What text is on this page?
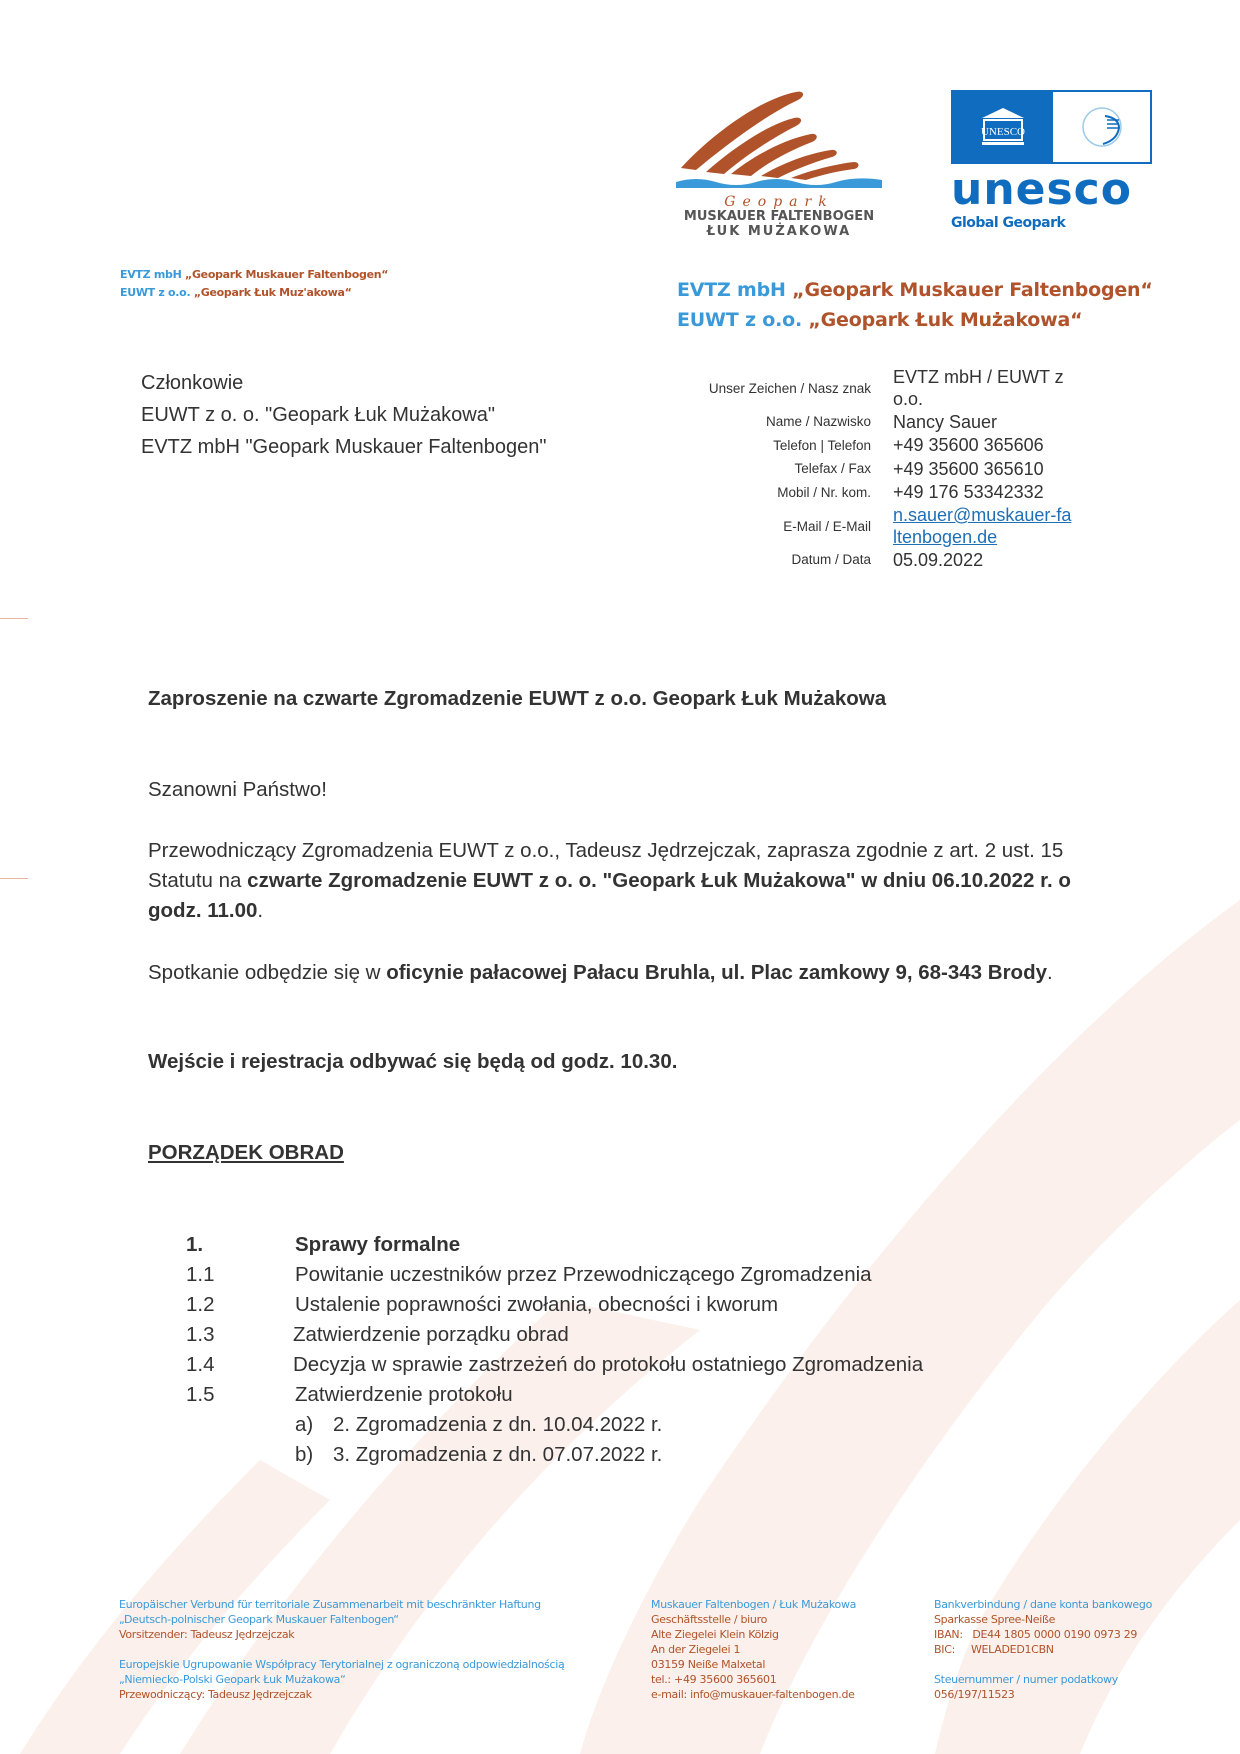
Geopark
MUSKAUER FALTENBOGEN
ŁUK MUŻAKOWA
UNESCO
unesco
Global Geopark
EVTZ mbH „Geopark Muskauer Faltenbogen“
EUWT z o.o. „Geopark Łuk Muz'akowa“	EVTZ mbH „Geopark Muskauer Faltenbogen“
EUWT z o.o. „Geopark Łuk Mużakowa“
Członkowie
EUWT z o. o. "Geopark Łuk Mużakowa"
EVTZ mbH "Geopark Muskauer Faltenbogen"
Unser Zeichen / Nasz znak	EVTZ mbH / EUWT z o.o.
Name / Nazwisko	Nancy Sauer
Telefon | Telefon	+49 35600 365606
Telefax / Fax	+49 35600 365610
Mobil / Nr. kom.	+49 176 53342332
E-Mail / E-Mail	n.sauer@muskauer-faltenbogen.de
Datum / Data	05.09.2022
Zaproszenie na czwarte Zgromadzenie EUWT z o.o. Geopark Łuk Mużakowa
Szanowni Państwo!
Przewodniczący Zgromadzenia EUWT z o.o., Tadeusz Jędrzejczak, zaprasza zgodnie z art. 2 ust. 15 Statutu na czwarte Zgromadzenie EUWT z o. o. "Geopark Łuk Mużakowa" w dniu 06.10.2022 r. o godz. 11.00.
Spotkanie odbędzie się w oficynie pałacowej Pałacu Bruhla, ul. Plac zamkowy 9, 68-343 Brody.
Wejście i rejestracja odbywać się będą od godz. 10.30.
PORZĄDEK OBRAD
1.	Sprawy formalne
1.1	Powitanie uczestników przez Przewodniczącego Zgromadzenia
1.2	Ustalenie poprawności zwołania, obecności i kworum
1.3	Zatwierdzenie porządku obrad
1.4	Decyzja w sprawie zastrzeżeń do protokołu ostatniego Zgromadzenia
1.5	Zatwierdzenie protokołu
a) 2. Zgromadzenia z dn. 10.04.2022 r.
b) 3. Zgromadzenia z dn. 07.07.2022 r.
Europäischer Verbund für territoriale Zusammenarbeit mit beschränkter Haftung
„Deutsch-polnischer Geopark Muskauer Faltenbogen“
Vorsitzender: Tadeusz Jędrzejczak
Europejskie Ugrupowanie Współpracy Terytorialnej z ograniczoną odpowiedzialnością
„Niemiecko-Polski Geopark Łuk Mużakowa“
Przewodniczący: Tadeusz Jędrzejczak
Muskauer Faltenbogen / Łuk Mużakowa
Geschäftsstelle / biuro
Alte Ziegelei Klein Kölzig
An der Ziegelei 1
03159 Neiße Malxetal
tel.: +49 35600 365601
e-mail: info@muskauer-faltenbogen.de
Bankverbindung / dane konta bankowego
Sparkasse Spree-Neiße
IBAN:   DE44 1805 0000 0190 0973 29
BIC:     WELADED1CBN
Steuernummer / numer podatkowy
056/197/11523
